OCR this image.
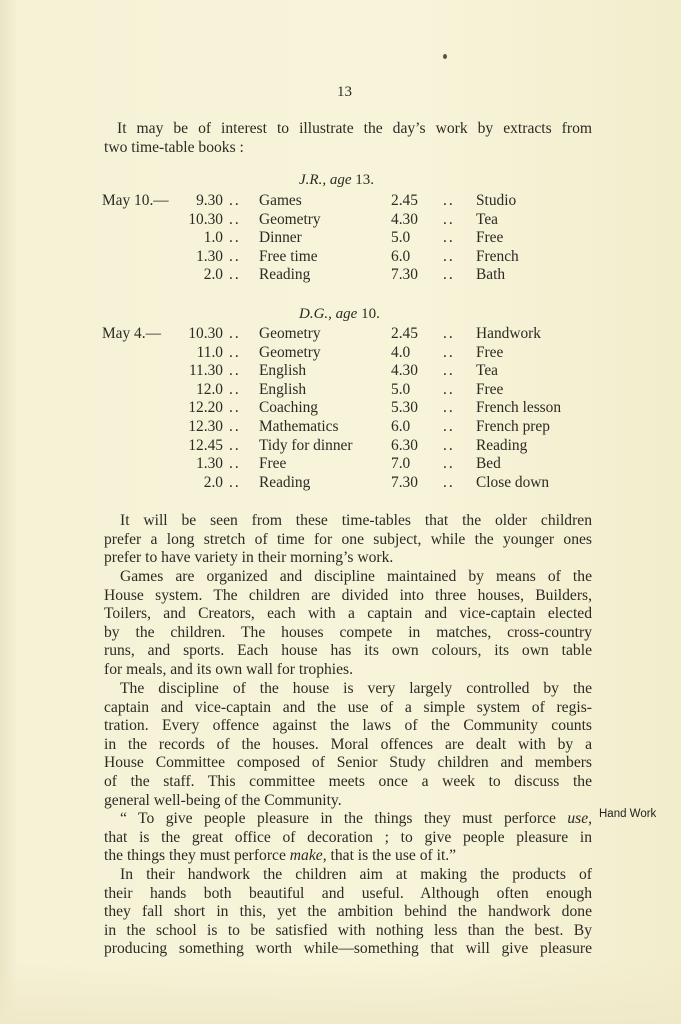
13
It may be of interest to illustrate the day’s work by extracts from
two time-table books :
J.R., age 13.
May 10.— 9.30 .. Games	2.45 .. Studio
10.30 .. Geometry	4.30 .. Tea
1.0 .. Dinner	5.0 .. Free
1.30 .. Free time	6.0 .. French
2.0 .. Reading	7.30 .. Bath
D.G., age 10.
May 4.— 10.30 .. Geometry	2.45 .. Handwork
11.0 .. Geometry	4.0 .. Free
11.30 .. English	4.30 .. Tea
12.0 .. English	5.0 .. Free
12.20 .. Coaching	5.30 .. French lesson
12.30 .. Mathematics	6.0 .. French prep
12.45 .. Tidy for dinner	6.30 .. Reading
1.30 .. Free	7.0 .. Bed
2.0 .. Reading	7.30 .. Close down
It will be seen from these time-tables that the older children
prefer a long stretch of time for one subject, while the younger ones
prefer to have variety in their morning’s work.
Games are organized and discipline maintained by means of the
House system. The children are divided into three houses, Builders,
Toilers, and Creators, each with a captain and vice-captain elected
by the children. The houses compete in matches, cross-country
runs, and sports. Each house has its own colours, its own table
for meals, and its own wall for trophies.
The discipline of the house is very largely controlled by the
captain and vice-captain and the use of a simple system of regis-
tration. Every offence against the laws of the Community counts
in the records of the houses. Moral offences are dealt with by a
House Committee composed of Senior Study children and members
of the staff. This committee meets once a week to discuss the
general well-being of the Community.
“ To give people pleasure in the things they must perforce use,
that is the great office of decoration ; to give people pleasure in
the things they must perforce make, that is the use of it.”
Hand Work
In their handwork the children aim at making the products of
their hands both beautiful and useful. Although often enough
they fall short in this, yet the ambition behind the handwork done
in the school is to be satisfied with nothing less than the best. By
producing something worth while—something that will give pleasure
